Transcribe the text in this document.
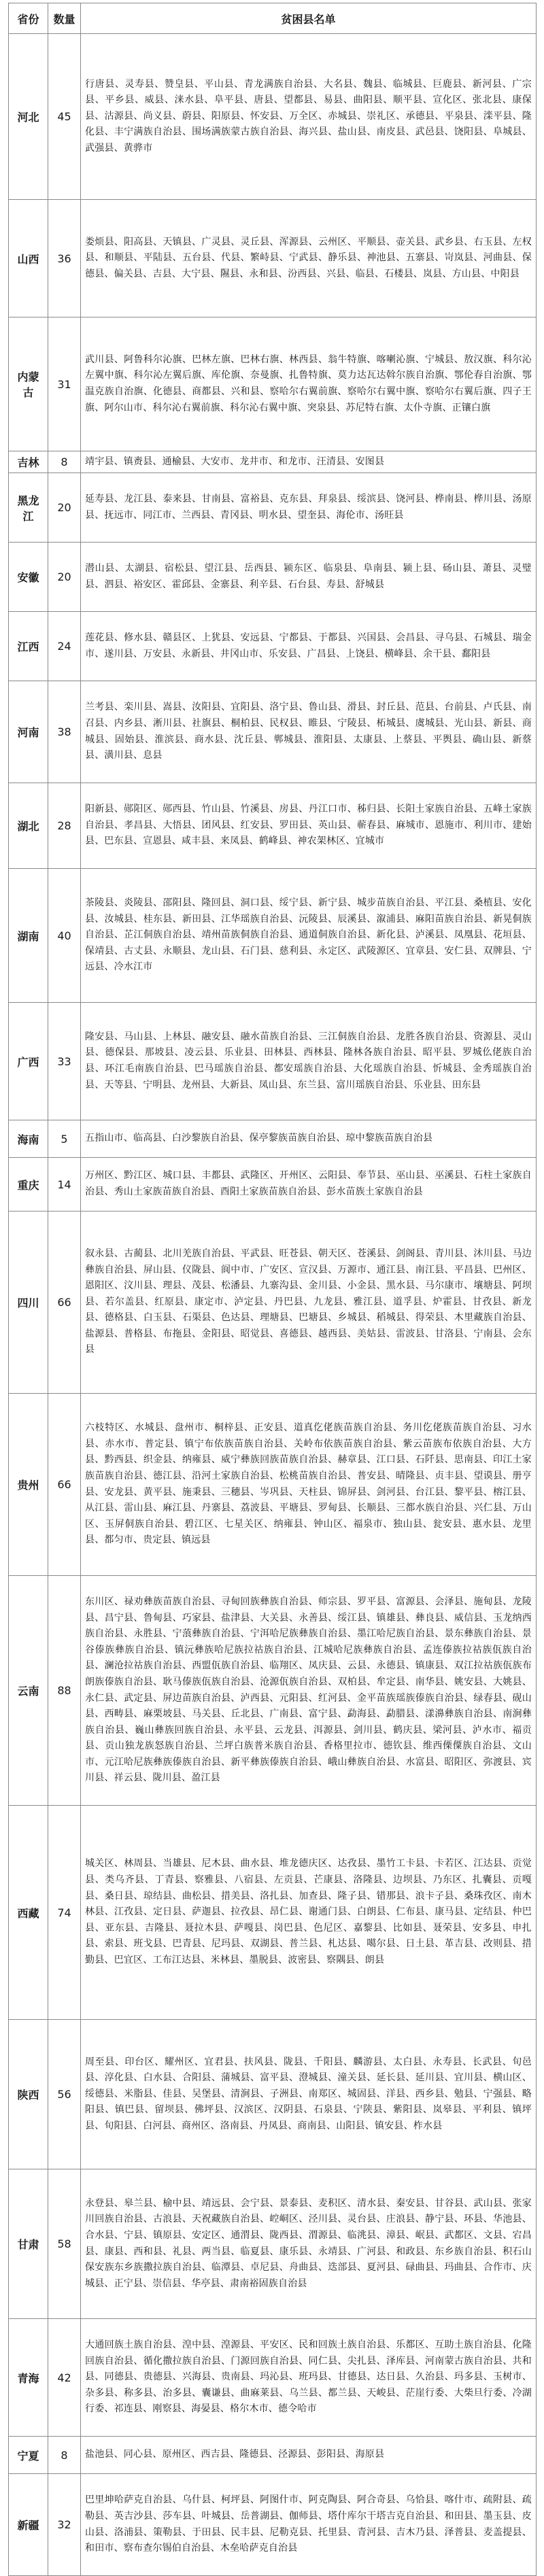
省份	数量	贫困县名单
河北	45	行唐县、灵寿县、赞皇县、平山县、青龙满族自治县、大名县、魏县、临城县、巨鹿县、新河县、广宗县、平乡县、威县、涞水县、阜平县、唐县、望都县、易县、曲阳县、顺平县、宣化区、张北县、康保县、沽源县、尚义县、蔚县、阳原县、怀安县、万全区、赤城县、崇礼区、承德县、平泉县、滦平县、隆化县、丰宁满族自治县、围场满族蒙古族自治县、海兴县、盐山县、南皮县、武邑县、饶阳县、阜城县、武强县、黄骅市
山西	36	娄烦县、阳高县、天镇县、广灵县、灵丘县、浑源县、云州区、平顺县、壶关县、武乡县、右玉县、左权县、和顺县、平陆县、五台县、代县、繁峙县、宁武县、静乐县、神池县、五寨县、岢岚县、河曲县、保德县、偏关县、吉县、大宁县、隰县、永和县、汾西县、兴县、临县、石楼县、岚县、方山县、中阳县
内蒙古	31	武川县、阿鲁科尔沁旗、巴林左旗、巴林右旗、林西县、翁牛特旗、喀喇沁旗、宁城县、敖汉旗、科尔沁左翼中旗、科尔沁左翼后旗、库伦旗、奈曼旗、扎鲁特旗、莫力达瓦达斡尔族自治旗、鄂伦春自治旗、鄂温克族自治旗、化德县、商都县、兴和县、察哈尔右翼前旗、察哈尔右翼中旗、察哈尔右翼后旗、四子王旗、阿尔山市、科尔沁右翼前旗、科尔沁右翼中旗、突泉县、苏尼特右旗、太仆寺旗、正镶白旗
吉林	8	靖宇县、镇赉县、通榆县、大安市、龙井市、和龙市、汪清县、安图县
黑龙江	20	延寿县、龙江县、泰来县、甘南县、富裕县、克东县、拜泉县、绥滨县、饶河县、桦南县、桦川县、汤原县、抚远市、同江市、兰西县、青冈县、明水县、望奎县、海伦市、汤旺县
安徽	20	潜山县、太湖县、宿松县、望江县、岳西县、颍东区、临泉县、阜南县、颍上县、砀山县、萧县、灵璧县、泗县、裕安区、霍邱县、金寨县、利辛县、石台县、寿县、舒城县
江西	24	莲花县、修水县、赣县区、上犹县、安远县、宁都县、于都县、兴国县、会昌县、寻乌县、石城县、瑞金市、遂川县、万安县、永新县、井冈山市、乐安县、广昌县、上饶县、横峰县、余干县、鄱阳县
河南	38	兰考县、栾川县、嵩县、汝阳县、宜阳县、洛宁县、鲁山县、滑县、封丘县、范县、台前县、卢氏县、南召县、内乡县、淅川县、社旗县、桐柏县、民权县、睢县、宁陵县、柘城县、虞城县、光山县、新县、商城县、固始县、淮滨县、商水县、沈丘县、郸城县、淮阳县、太康县、上蔡县、平舆县、确山县、新蔡县、潢川县、息县
湖北	28	阳新县、郧阳区、郧西县、竹山县、竹溪县、房县、丹江口市、秭归县、长阳土家族自治县、五峰土家族自治县、孝昌县、大悟县、团风县、红安县、罗田县、英山县、蕲春县、麻城市、恩施市、利川市、建始县、巴东县、宣恩县、咸丰县、来凤县、鹤峰县、神农架林区、宜城市
湖南	40	茶陵县、炎陵县、邵阳县、隆回县、洞口县、绥宁县、新宁县、城步苗族自治县、平江县、桑植县、安化县、汝城县、桂东县、新田县、江华瑶族自治县、沅陵县、辰溪县、溆浦县、麻阳苗族自治县、新晃侗族自治县、芷江侗族自治县、靖州苗族侗族自治县、通道侗族自治县、新化县、泸溪县、凤凰县、花垣县、保靖县、古丈县、永顺县、龙山县、石门县、慈利县、永定区、武陵源区、宜章县、安仁县、双牌县、宁远县、冷水江市
广西	33	隆安县、马山县、上林县、融安县、融水苗族自治县、三江侗族自治县、龙胜各族自治县、资源县、灵山县、德保县、那坡县、凌云县、乐业县、田林县、西林县、隆林各族自治县、昭平县、罗城仫佬族自治县、环江毛南族自治县、巴马瑶族自治县、都安瑶族自治县、大化瑶族自治县、忻城县、金秀瑶族自治县、天等县、宁明县、龙州县、大新县、凤山县、东兰县、富川瑶族自治县、乐业县、田东县
海南	5	五指山市、临高县、白沙黎族自治县、保亭黎族苗族自治县、琼中黎族苗族自治县
重庆	14	万州区、黔江区、城口县、丰都县、武隆区、开州区、云阳县、奉节县、巫山县、巫溪县、石柱土家族自治县、秀山土家族苗族自治县、酉阳土家族苗族自治县、彭水苗族土家族自治县
四川	66	叙永县、古蔺县、北川羌族自治县、平武县、旺苍县、朝天区、苍溪县、剑阁县、青川县、沐川县、马边彝族自治县、屏山县、仪陇县、阆中市、广安区、宣汉县、万源市、通江县、南江县、平昌县、巴州区、恩阳区、汶川县、理县、茂县、松潘县、九寨沟县、金川县、小金县、黑水县、马尔康市、壤塘县、阿坝县、若尔盖县、红原县、康定市、泸定县、丹巴县、九龙县、雅江县、道孚县、炉霍县、甘孜县、新龙县、德格县、白玉县、石渠县、色达县、理塘县、巴塘县、乡城县、稻城县、得荣县、木里藏族自治县、盐源县、普格县、布拖县、金阳县、昭觉县、喜德县、越西县、美姑县、雷波县、甘洛县、宁南县、会东县
贵州	66	六枝特区、水城县、盘州市、桐梓县、正安县、道真仡佬族苗族自治县、务川仡佬族苗族自治县、习水县、赤水市、普定县、镇宁布依族苗族自治县、关岭布依族苗族自治县、紫云苗族布依族自治县、大方县、黔西县、织金县、纳雍县、威宁彝族回族苗族自治县、赫章县、江口县、石阡县、思南县、印江土家族苗族自治县、德江县、沿河土家族自治县、松桃苗族自治县、普安县、晴隆县、贞丰县、望谟县、册亨县、安龙县、黄平县、施秉县、三穗县、岑巩县、天柱县、锦屏县、剑河县、台江县、黎平县、榕江县、从江县、雷山县、麻江县、丹寨县、荔波县、平塘县、罗甸县、长顺县、三都水族自治县、兴仁县、万山区、玉屏侗族自治县、碧江区、七星关区、纳雍县、钟山区、福泉市、独山县、瓮安县、惠水县、龙里县、都匀市、贵定县、镇远县
云南	88	东川区、禄劝彝族苗族自治县、寻甸回族彝族自治县、师宗县、罗平县、富源县、会泽县、施甸县、龙陵县、昌宁县、鲁甸县、巧家县、盐津县、大关县、永善县、绥江县、镇雄县、彝良县、威信县、玉龙纳西族自治县、永胜县、宁蒗彝族自治县、宁洱哈尼族彝族自治县、墨江哈尼族自治县、景东彝族自治县、景谷傣族彝族自治县、镇沅彝族哈尼族拉祜族自治县、江城哈尼族彝族自治县、孟连傣族拉祜族佤族自治县、澜沧拉祜族自治县、西盟佤族自治县、临翔区、凤庆县、云县、永德县、镇康县、双江拉祜族佤族布朗族傣族自治县、耿马傣族佤族自治县、沧源佤族自治县、双柏县、牟定县、南华县、姚安县、大姚县、永仁县、武定县、屏边苗族自治县、泸西县、元阳县、红河县、金平苗族瑶族傣族自治县、绿春县、砚山县、西畴县、麻栗坡县、马关县、丘北县、广南县、富宁县、勐海县、勐腊县、漾濞彝族自治县、南涧彝族自治县、巍山彝族回族自治县、永平县、云龙县、洱源县、剑川县、鹤庆县、梁河县、泸水市、福贡县、贡山独龙族怒族自治县、兰坪白族普米族自治县、香格里拉市、德钦县、维西傈僳族自治县、文山市、元江哈尼族彝族傣族自治县、新平彝族傣族自治县、峨山彝族自治县、水富县、昭阳区、弥渡县、宾川县、祥云县、陇川县、盈江县
西藏	74	城关区、林周县、当雄县、尼木县、曲水县、堆龙德庆区、达孜县、墨竹工卡县、卡若区、江达县、贡觉县、类乌齐县、丁青县、察雅县、八宿县、左贡县、芒康县、洛隆县、边坝县、乃东区、扎囊县、贡嘎县、桑日县、琼结县、曲松县、措美县、洛扎县、加查县、隆子县、错那县、浪卡子县、桑珠孜区、南木林县、江孜县、定日县、萨迦县、拉孜县、昂仁县、谢通门县、白朗县、仁布县、康马县、定结县、仲巴县、亚东县、吉隆县、聂拉木县、萨嘎县、岗巴县、色尼区、嘉黎县、比如县、聂荣县、安多县、申扎县、索县、班戈县、巴青县、尼玛县、双湖县、普兰县、札达县、噶尔县、日土县、革吉县、改则县、措勤县、巴宜区、工布江达县、米林县、墨脱县、波密县、察隅县、朗县
陕西	56	周至县、印台区、耀州区、宜君县、扶风县、陇县、千阳县、麟游县、太白县、永寿县、长武县、旬邑县、淳化县、白水县、合阳县、蒲城县、富平县、澄城县、潼关县、延长县、延川县、宜川县、横山区、绥德县、米脂县、佳县、吴堡县、清涧县、子洲县、南郑区、城固县、洋县、西乡县、勉县、宁强县、略阳县、镇巴县、留坝县、佛坪县、汉滨区、汉阴县、石泉县、宁陕县、紫阳县、岚皋县、平利县、镇坪县、旬阳县、白河县、商州区、洛南县、丹凤县、商南县、山阳县、镇安县、柞水县
甘肃	58	永登县、皋兰县、榆中县、靖远县、会宁县、景泰县、麦积区、清水县、秦安县、甘谷县、武山县、张家川回族自治县、古浪县、天祝藏族自治县、崆峒区、泾川县、灵台县、庄浪县、静宁县、环县、华池县、合水县、宁县、镇原县、安定区、通渭县、陇西县、渭源县、临洮县、漳县、岷县、武都区、文县、宕昌县、康县、西和县、礼县、两当县、临夏县、康乐县、永靖县、广河县、和政县、东乡族自治县、积石山保安族东乡族撒拉族自治县、临潭县、卓尼县、舟曲县、迭部县、夏河县、碌曲县、玛曲县、合作市、庆城县、正宁县、崇信县、华亭县、肃南裕固族自治县
青海	42	大通回族土族自治县、湟中县、湟源县、平安区、民和回族土族自治县、乐都区、互助土族自治县、化隆回族自治县、循化撒拉族自治县、门源回族自治县、同仁县、尖扎县、泽库县、河南蒙古族自治县、共和县、同德县、贵德县、兴海县、贵南县、玛沁县、班玛县、甘德县、达日县、久治县、玛多县、玉树市、杂多县、称多县、治多县、囊谦县、曲麻莱县、乌兰县、都兰县、天峻县、茫崖行委、大柴旦行委、冷湖行委、祁连县、刚察县、海晏县、格尔木市、德令哈市
宁夏	8	盐池县、同心县、原州区、西吉县、隆德县、泾源县、彭阳县、海原县
新疆	32	巴里坤哈萨克自治县、乌什县、柯坪县、阿图什市、阿克陶县、阿合奇县、乌恰县、喀什市、疏附县、疏勒县、英吉沙县、莎车县、叶城县、岳普湖县、伽师县、塔什库尔干塔吉克自治县、和田县、墨玉县、皮山县、洛浦县、策勒县、于田县、民丰县、尼勒克县、托里县、青河县、吉木乃县、泽普县、麦盖提县、和田市、察布查尔锡伯自治县、木垒哈萨克自治县
